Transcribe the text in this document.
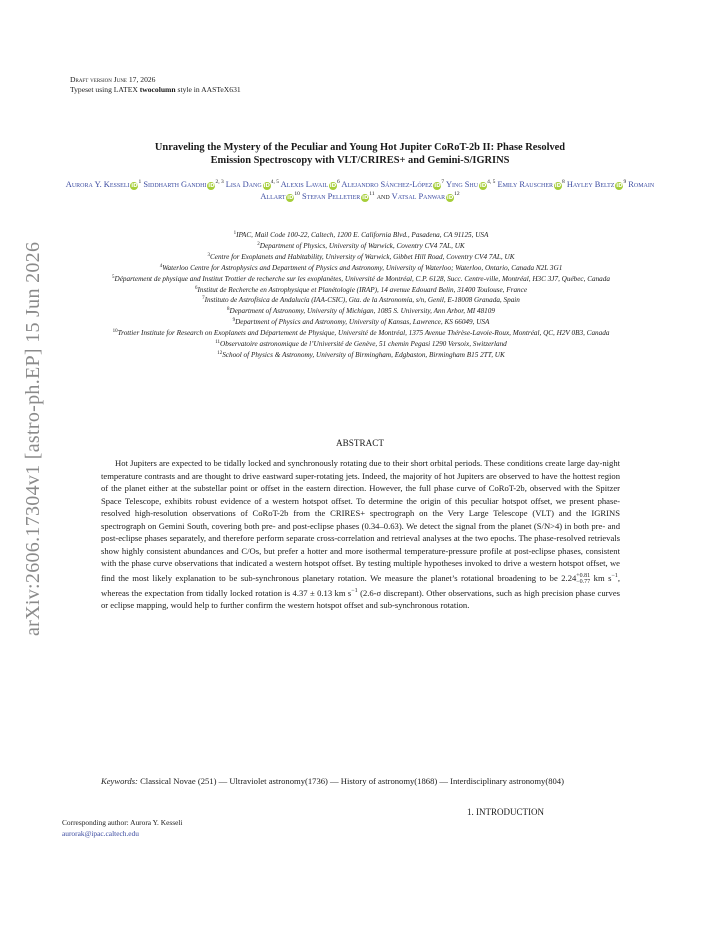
Draft version June 17, 2026
Typeset using LATEX twocolumn style in AASTeX631
arXiv:2606.17304v1 [astro-ph.EP] 15 Jun 2026
Unraveling the Mystery of the Peculiar and Young Hot Jupiter CoRoT-2b II: Phase Resolved
Emission Spectroscopy with VLT/CRIRES+ and Gemini-S/IGRINS
Aurora Y. Kesseli $iD^1$ Siddharth Gandhi iD$^{2, 3}$ Lisa Dang iD$^{4, 5}$ Alexis Lavail $iD^6$ Alejandro Sánchez-López $iD^7$ Ying Shu iD$^{4, 5}$ Emily Rauscher $iD^8$ Hayley Beltz $iD^9$ Romain Allart $iD^{10}$ Stefan Pelletier $iD^{11}$ and Vatsal Panwar $iD^{12}$
$^1$IPAC, Mail Code 100-22, Caltech, 1200 E. California Blvd., Pasadena, CA 91125, USA
$^2$Department of Physics, University of Warwick, Coventry CV4 7AL, UK
$^3$Centre for Exoplanets and Habitability, University of Warwick, Gibbet Hill Road, Coventry CV4 7AL, UK
$^4$Waterloo Centre for Astrophysics and Department of Physics and Astronomy, University of Waterloo; Waterloo, Ontario, Canada N2L 3G1
$^5$Département de physique and Institut Trottier de recherche sur les exoplanètes, Université de Montréal, C.P. 6128, Succ. Centre-ville, Montréal, H3C 3J7, Québec, Canada
$^6$Institut de Recherche en Astrophysique et Planétologie (IRAP), 14 avenue Edouard Belin, 31400 Toulouse, France
$^7$Instituto de Astrofísica de Andalucía (IAA-CSIC), Gta. de la Astronomía, s/n, Genil, E-18008 Granada, Spain
$^8$Department of Astronomy, University of Michigan, 1085 S. University, Ann Arbor, MI 48109
$^9$Department of Physics and Astronomy, University of Kansas, Lawrence, KS 66049, USA
$^{10}$Trottier Institute for Research on Exoplanets and Département de Physique, Université de Montréal, 1375 Avenue Thérèse-Lavoie-Roux, Montréal, QC, H2V 0B3, Canada
$^{11}$Observatoire astronomique de l’Université de Genève, 51 chemin Pegasi 1290 Versoix, Switzerland
$^{12}$School of Physics & Astronomy, University of Birmingham, Edgbaston, Birmingham B15 2TT, UK
ABSTRACT
Hot Jupiters are expected to be tidally locked and synchronously rotating due to their short orbital periods. These conditions create large day-night temperature contrasts and are thought to drive eastward super-rotating jets. Indeed, the majority of hot Jupiters are observed to have the hottest region of the planet either at the substellar point or offset in the eastern direction. However, the full phase curve of CoRoT-2b, observed with the Spitzer Space Telescope, exhibits robust evidence of a western hotspot offset. To determine the origin of this peculiar hotspot offset, we present phase-resolved high-resolution observations of CoRoT-2b from the CRIRES+ spectrograph on the Very Large Telescope (VLT) and the IGRINS spectrograph on Gemini South, covering both pre- and post-eclipse phases (0.34–0.63). We detect the signal from the planet (S/N>4) in both pre- and post-eclipse phases separately, and therefore perform separate cross-correlation and retrieval analyses at the two epochs. The phase-resolved retrievals show highly consistent abundances and C/Os, but prefer a hotter and more isothermal temperature-pressure profile at post-eclipse phases, consistent with the phase curve observations that indicated a western hotspot offset. By testing multiple hypotheses invoked to drive a western hotspot offset, we find the most likely explanation to be sub-synchronous planetary rotation. We measure the planet’s rotational broadening to be 2.24 +0.81
−0.77 km $s^{-1}$, whereas the expectation from tidally locked rotation is 4.37 ± 0.13 km $s^{-1}$ (2.6-σ discrepant). Other observations, such as high precision phase curves or eclipse mapping, would help to further confirm the western hotspot offset and sub-synchronous rotation.
Keywords: Classical Novae (251) — Ultraviolet astronomy(1736) — History of astronomy(1868) — Interdisciplinary astronomy(804)
Corresponding author: Aurora Y. Kesseli
aurorak@ipac.caltech.edu
1. INTRODUCTION
